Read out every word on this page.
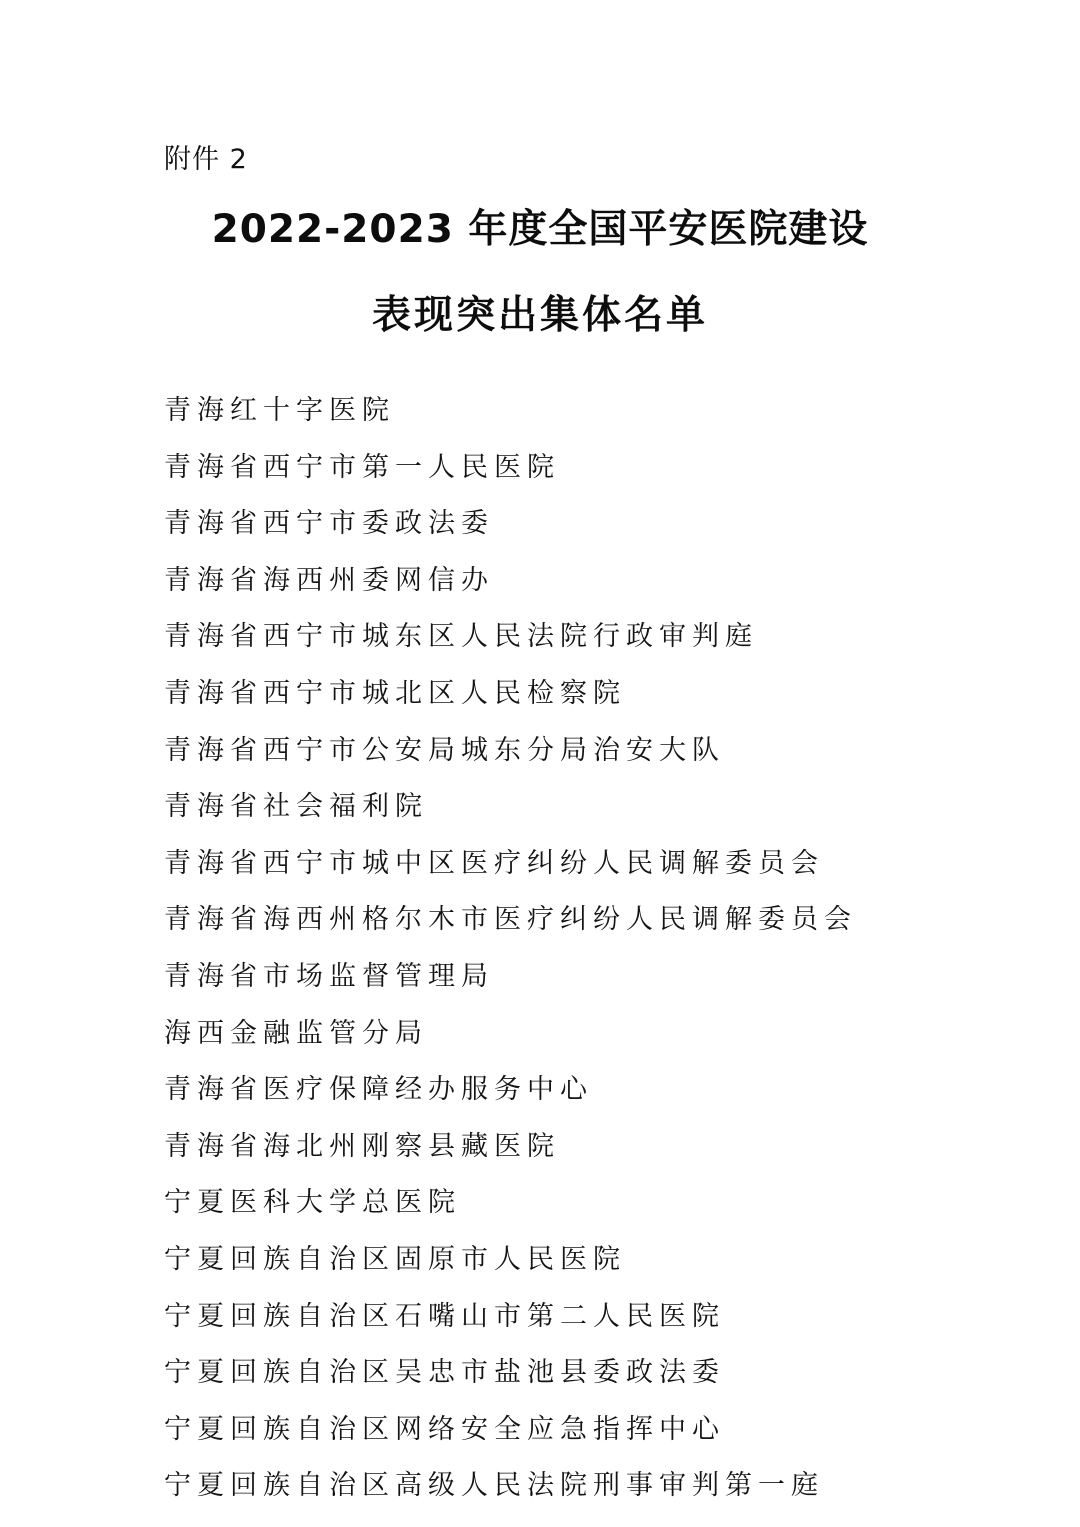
附件 2
2022-2023 年度全国平安医院建设
表现突出集体名单
青海红十字医院
青海省西宁市第一人民医院
青海省西宁市委政法委
青海省海西州委网信办
青海省西宁市城东区人民法院行政审判庭
青海省西宁市城北区人民检察院
青海省西宁市公安局城东分局治安大队
青海省社会福利院
青海省西宁市城中区医疗纠纷人民调解委员会
青海省海西州格尔木市医疗纠纷人民调解委员会
青海省市场监督管理局
海西金融监管分局
青海省医疗保障经办服务中心
青海省海北州刚察县藏医院
宁夏医科大学总医院
宁夏回族自治区固原市人民医院
宁夏回族自治区石嘴山市第二人民医院
宁夏回族自治区吴忠市盐池县委政法委
宁夏回族自治区网络安全应急指挥中心
宁夏回族自治区高级人民法院刑事审判第一庭
